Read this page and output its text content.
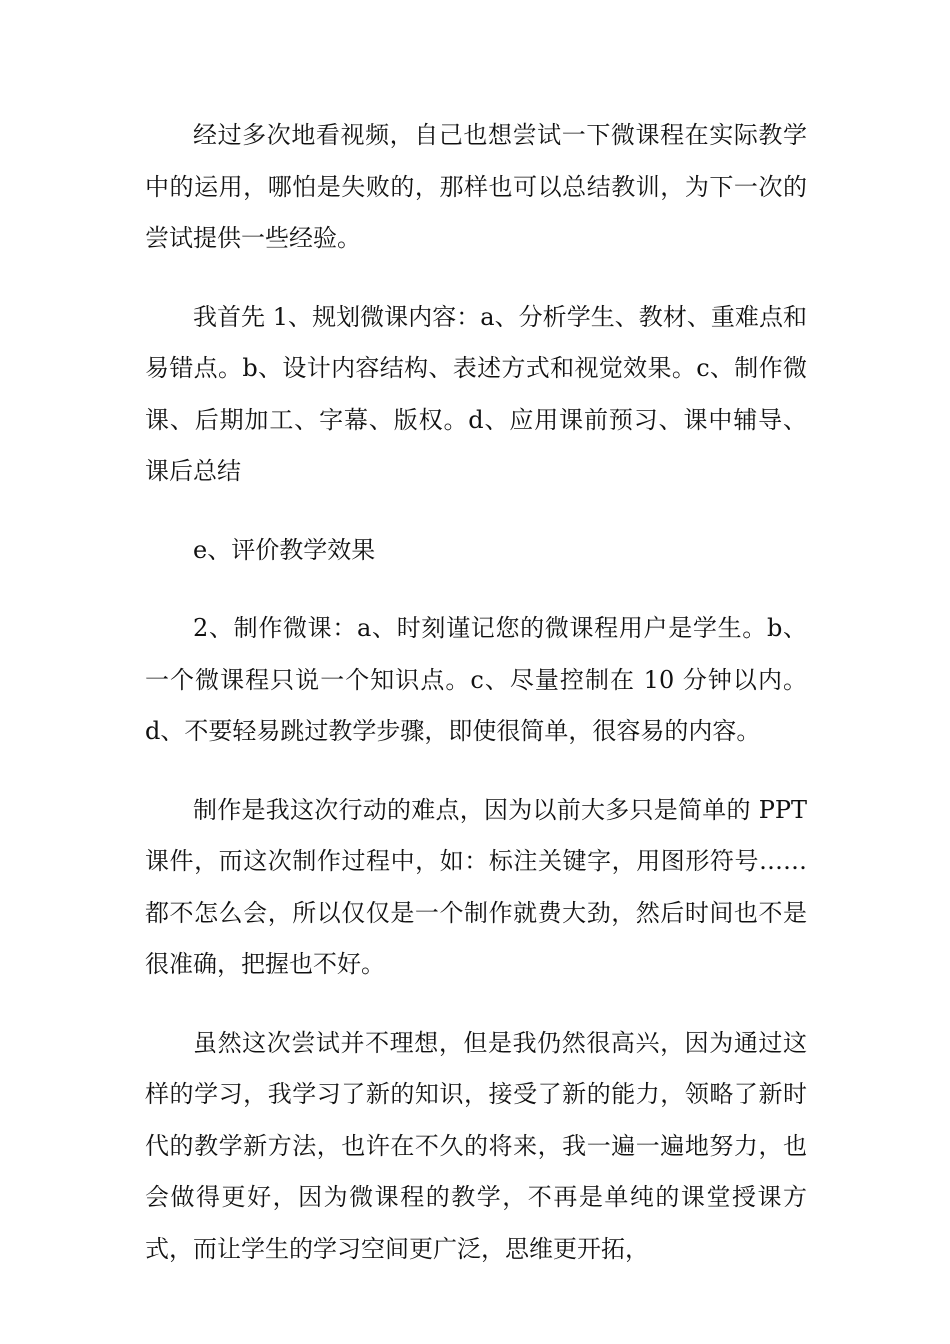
经过多次地看视频，自己也想尝试一下微课程在实际教学中的运用，哪怕是失败的，那样也可以总结教训，为下一次的尝试提供一些经验。

我首先 1、规划微课内容：a、分析学生、教材、重难点和易错点。b、设计内容结构、表述方式和视觉效果。c、制作微课、后期加工、字幕、版权。d、应用课前预习、课中辅导、课后总结

e、评价教学效果

2、制作微课：a、时刻谨记您的微课程用户是学生。b、一个微课程只说一个知识点。c、尽量控制在 10 分钟以内。d、不要轻易跳过教学步骤，即使很简单，很容易的内容。

制作是我这次行动的难点，因为以前大多只是简单的 PPT 课件，而这次制作过程中，如：标注关键字，用图形符号……都不怎么会，所以仅仅是一个制作就费大劲，然后时间也不是很准确，把握也不好。

虽然这次尝试并不理想，但是我仍然很高兴，因为通过这样的学习，我学习了新的知识，接受了新的能力，领略了新时代的教学新方法，也许在不久的将来，我一遍一遍地努力，也会做得更好，因为微课程的教学，不再是单纯的课堂授课方式，而让学生的学习空间更广泛，思维更开拓，
